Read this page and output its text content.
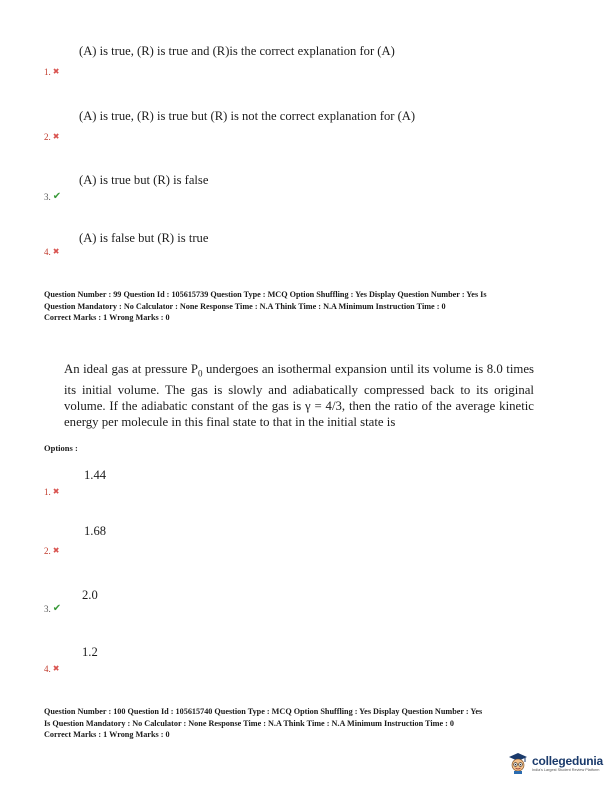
(A) is true, (R) is true and (R)is the correct explanation for (A)
1. ✖
(A) is true, (R) is true but (R) is not the correct explanation for (A)
2. ✖
(A) is true but (R) is false
3. ✔
(A) is false but (R) is true
4. ✖
Question Number : 99 Question Id : 105615739 Question Type : MCQ Option Shuffling : Yes Display Question Number : Yes Is
Question Mandatory : No Calculator : None Response Time : N.A Think Time : N.A Minimum Instruction Time : 0
Correct Marks : 1 Wrong Marks : 0
An ideal gas at pressure $P_0$ undergoes an isothermal expansion until its volume is 8.0 times its initial volume. The gas is slowly and adiabatically compressed back to its original volume. If the adiabatic constant of the gas is γ = 4/3, then the ratio of the average kinetic energy per molecule in this final state to that in the initial state is
Options :
1.44
1. ✖
1.68
2. ✖
2.0
3. ✔
1.2
4. ✖
Question Number : 100 Question Id : 105615740 Question Type : MCQ Option Shuffling : Yes Display Question Number : Yes
Is Question Mandatory : No Calculator : None Response Time : N.A Think Time : N.A Minimum Instruction Time : 0
Correct Marks : 1 Wrong Marks : 0
collegedunia
India's Largest Student Review Platform
